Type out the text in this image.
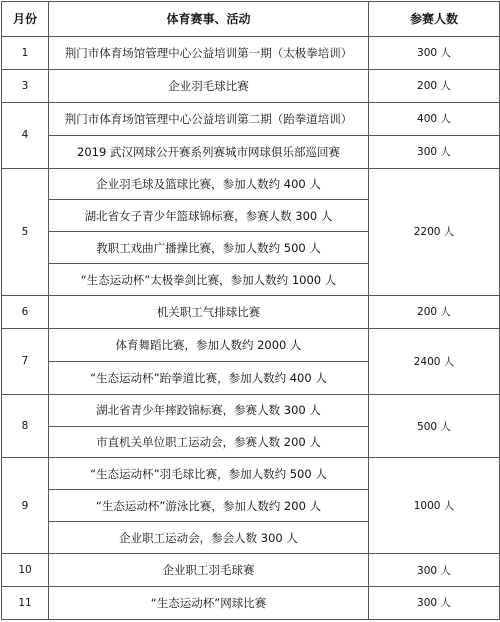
月份	体育赛事、活动	参赛人数
1	荆门市体育场馆管理中心公益培训第一期（太极拳培训）	300 人
3	企业羽毛球比赛	200 人
4	荆门市体育场馆管理中心公益培训第二期（跆拳道培训）	400 人
	2019 武汉网球公开赛系列赛城市网球俱乐部巡回赛	300 人
5	企业羽毛球及篮球比赛，参加人数约 400 人	2200 人
	湖北省女子青少年篮球锦标赛，参赛人数 300 人	
	教职工戏曲广播操比赛，参加人数约 500 人	
	“生态运动杯”太极拳剑比赛，参加人数约 1000 人	
6	机关职工气排球比赛	200 人
7	体育舞蹈比赛，参加人数约 2000 人	2400 人
	“生态运动杯”跆拳道比赛，参加人数约 400 人	
8	湖北省青少年摔跤锦标赛，参赛人数 300 人	500 人
	市直机关单位职工运动会，参赛人数 200 人	
9	“生态运动杯”羽毛球比赛，参加人数约 500 人	1000 人
	“生态运动杯”游泳比赛，参加人数约 200 人	
	企业职工运动会，参会人数 300 人	
10	企业职工羽毛球赛	300 人
11	“生态运动杯”网球比赛	300 人
